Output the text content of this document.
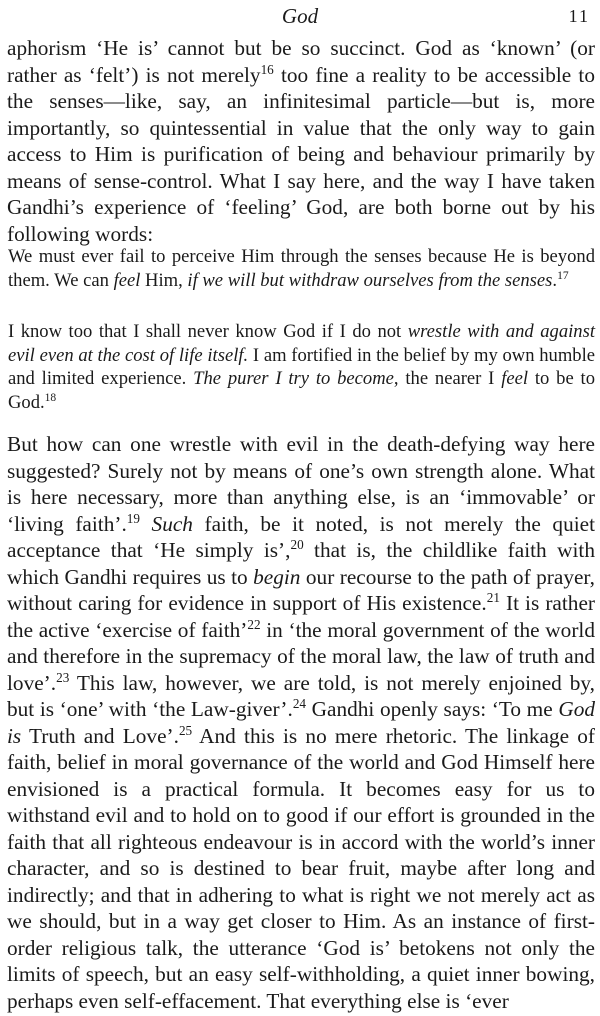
God	11

aphorism ‘He is’ cannot but be so succinct. God as ‘known’ (or rather as ‘felt’) is not merely$^{16}$ too fine a reality to be accessible to the senses—like, say, an infinitesimal particle—but is, more importantly, so quintessential in value that the only way to gain access to Him is purification of being and behaviour primarily by means of sense-control. What I say here, and the way I have taken Gandhi’s experience of ‘feeling’ God, are both borne out by his following words:

We must ever fail to perceive Him through the senses because He is beyond them. We can feel Him, if we will but withdraw ourselves from the senses.$^{17}$

I know too that I shall never know God if I do not wrestle with and against evil even at the cost of life itself. I am fortified in the belief by my own humble and limited experience. The purer I try to become, the nearer I feel to be to God.$^{18}$

But how can one wrestle with evil in the death-defying way here suggested? Surely not by means of one’s own strength alone. What is here necessary, more than anything else, is an ‘immovable’ or ‘living faith’.$^{19}$ Such faith, be it noted, is not merely the quiet acceptance that ‘He simply is’,$^{20}$ that is, the childlike faith with which Gandhi requires us to begin our recourse to the path of prayer, without caring for evidence in support of His existence.$^{21}$ It is rather the active ‘exercise of faith’$^{22}$ in ‘the moral government of the world and therefore in the supremacy of the moral law, the law of truth and love’.$^{23}$ This law, however, we are told, is not merely enjoined by, but is ‘one’ with ‘the Law-giver’.$^{24}$ Gandhi openly says: ‘To me God is Truth and Love’.$^{25}$ And this is no mere rhetoric. The linkage of faith, belief in moral governance of the world and God Himself here envisioned is a practical formula. It becomes easy for us to withstand evil and to hold on to good if our effort is grounded in the faith that all righteous endeavour is in accord with the world’s inner character, and so is destined to bear fruit, maybe after long and indirectly; and that in adhering to what is right we not merely act as we should, but in a way get closer to Him. As an instance of first-order religious talk, the utterance ‘God is’ betokens not only the limits of speech, but an easy self-withholding, a quiet inner bowing, perhaps even self-effacement. That everything else is ‘ever
